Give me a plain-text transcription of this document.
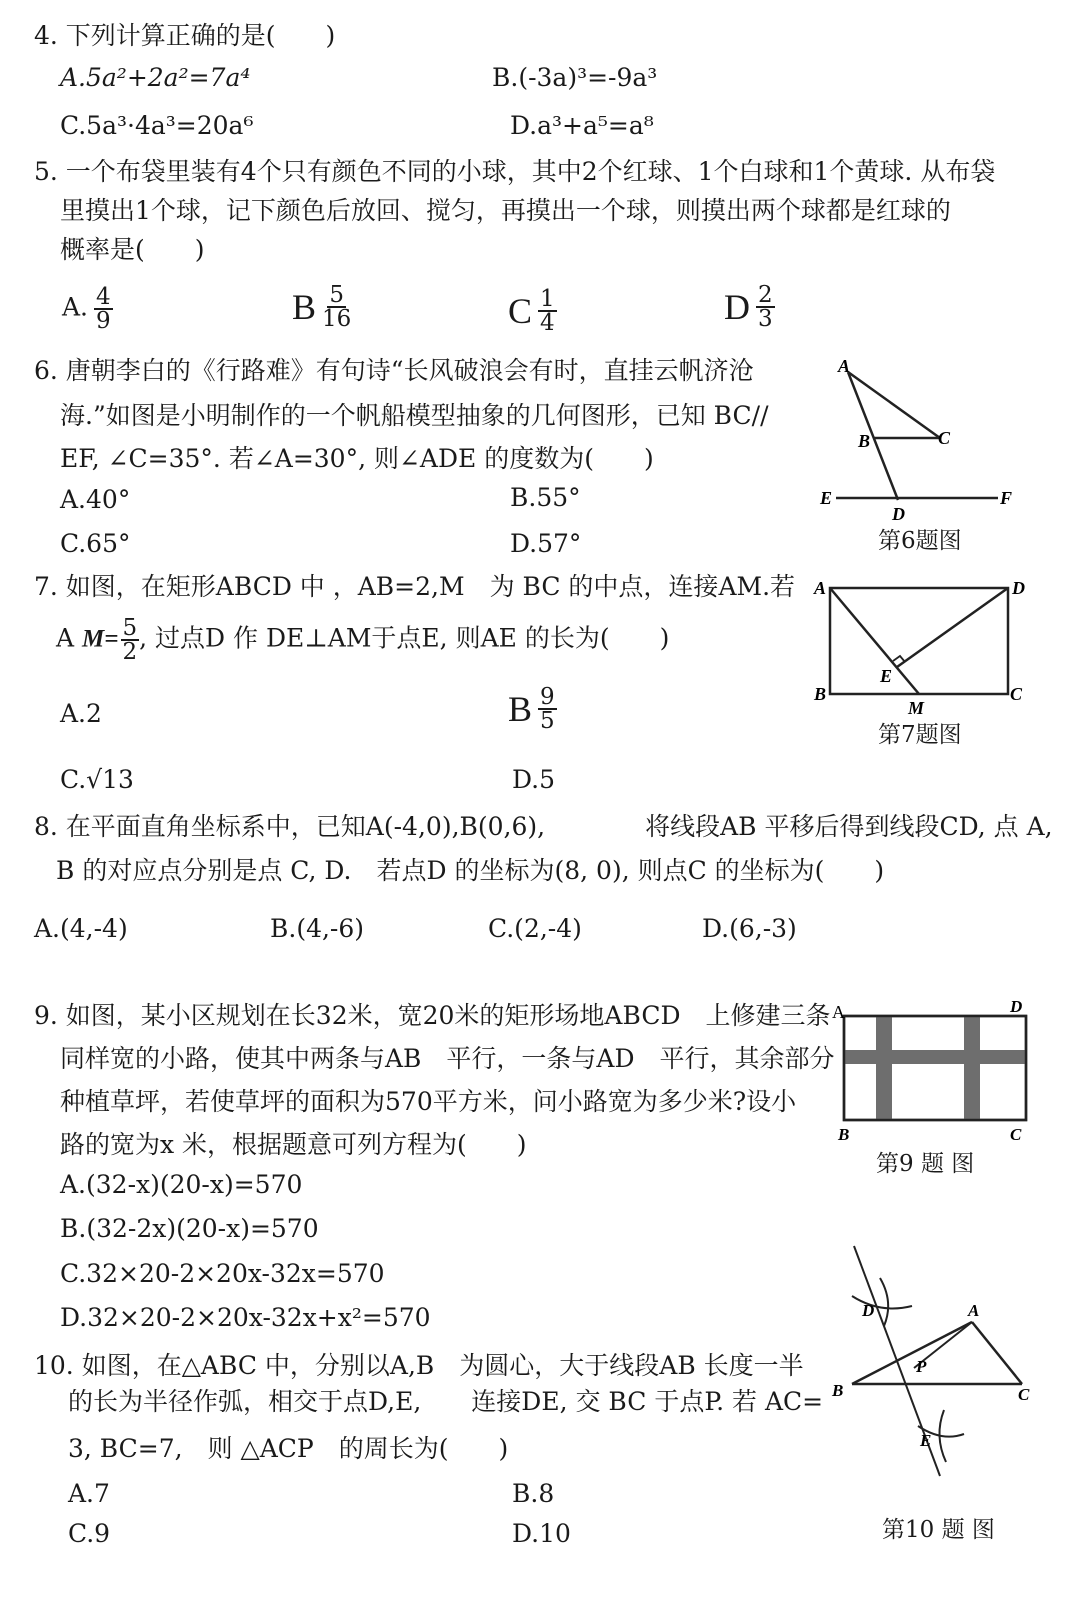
4. 下列计算正确的是(　　)
A.5a²+2a²=7a⁴	B.(-3a)³=-9a³
C.5a³·4a³=20a⁶	D.a³+a⁵=a⁸
5. 一个布袋里装有4个只有颜色不同的小球，其中2个红球、1个白球和1个黄球. 从布袋
里摸出1个球，记下颜色后放回、搅匀，再摸出一个球，则摸出两个球都是红球的
概率是(　　)
A. $\frac{4}{9}$	B $\frac{5}{16}$	C $\frac{1}{4}$	D $\frac{2}{3}$
6. 唐朝李白的《行路难》有句诗“长风破浪会有时，直挂云帆济沧
海.”如图是小明制作的一个帆船模型抽象的几何图形，已知 BC//
EF, ∠C=35°. 若∠A=30°, 则∠ADE 的度数为(　　)
A.40°	B.55°
C.65°	D.57°
A
B	C
D
E	F
第6题图
7. 如图，在矩形ABCD 中 ，AB=2,M　为 BC 的中点，连接AM.若
A $M= \frac{5}{2}$ , 过点D 作 DE⊥AM于点E, 则AE 的长为(　　)
A.2	B $\frac{9}{5}$
C.√13	D.5
A	D
B	C
E
M
第7题图
8. 在平面直角坐标系中，已知A(-4,0),B(0,6),　　　　将线段AB 平移后得到线段CD, 点 A,
B 的对应点分别是点 C, D.　若点D 的坐标为(8, 0), 则点C 的坐标为(　　)
A.(4,-4)	B.(4,-6)	C.(2,-4)	D.(6,-3)
9. 如图，某小区规划在长32米，宽20米的矩形场地ABCD　上修建三条
同样宽的小路，使其中两条与AB　平行，一条与AD　平行，其余部分
种植草坪，若使草坪的面积为570平方米，问小路宽为多少米?设小
路的宽为x 米，根据题意可列方程为(　　)
A.(32-x)(20-x)=570
B.(32-2x)(20-x)=570
C.32×20-2×20x-32x=570
D.32×20-2×20x-32x+x²=570
A	D
B	C
第9 题 图
10. 如图，在△ABC 中，分别以A,B　为圆心，大于线段AB 长度一半
的长为半径作弧，相交于点D,E,　　连接DE, 交 BC 于点P. 若 AC=
3, BC=7,　则 △ACP　的周长为(　　)
A.7	B.8
C.9	D.10
A
B	C
D
E
P
第10 题 图
